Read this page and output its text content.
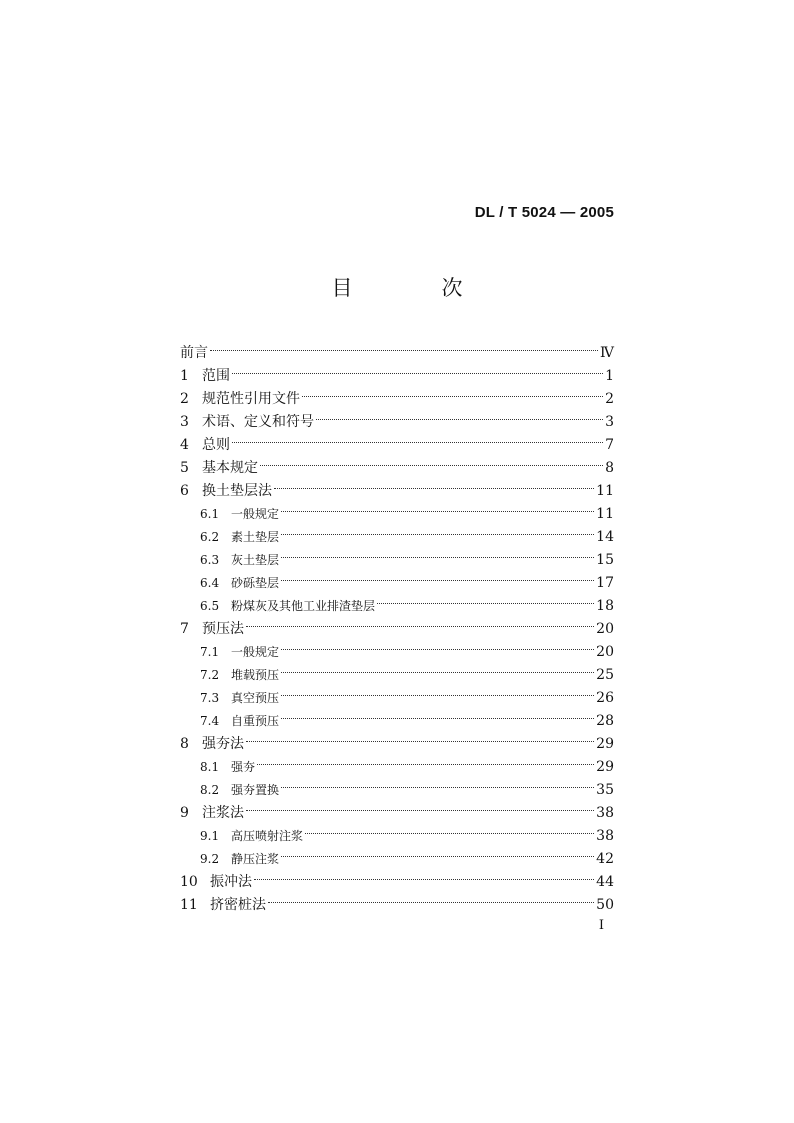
DL / T 5024 — 2005
目　次
前言	Ⅳ
1 范围	1
2 规范性引用文件	2
3 术语、定义和符号	3
4 总则	7
5 基本规定	8
6 换土垫层法	11
6.1 一般规定	11
6.2 素土垫层	14
6.3 灰土垫层	15
6.4 砂砾垫层	17
6.5 粉煤灰及其他工业排渣垫层	18
7 预压法	20
7.1 一般规定	20
7.2 堆载预压	25
7.3 真空预压	26
7.4 自重预压	28
8 强夯法	29
8.1 强夯	29
8.2 强夯置换	35
9 注浆法	38
9.1 高压喷射注浆	38
9.2 静压注浆	42
10 振冲法	44
11 挤密桩法	50
I
